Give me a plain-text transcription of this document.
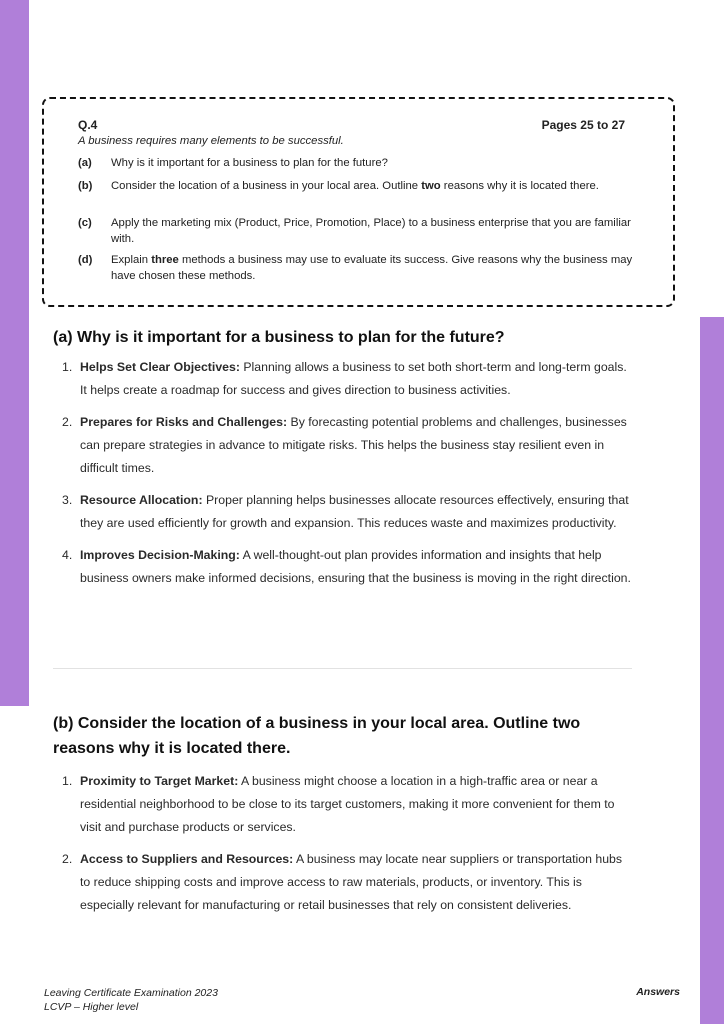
Q.4	Pages 25 to 27
A business requires many elements to be successful.
(a) Why is it important for a business to plan for the future?
(b) Consider the location of a business in your local area. Outline two reasons why it is located there.
(c) Apply the marketing mix (Product, Price, Promotion, Place) to a business enterprise that you are familiar with.
(d) Explain three methods a business may use to evaluate its success. Give reasons why the business may have chosen these methods.
(a) Why is it important for a business to plan for the future?
1. Helps Set Clear Objectives: Planning allows a business to set both short-term and long-term goals. It helps create a roadmap for success and gives direction to business activities.
2. Prepares for Risks and Challenges: By forecasting potential problems and challenges, businesses can prepare strategies in advance to mitigate risks. This helps the business stay resilient even in difficult times.
3. Resource Allocation: Proper planning helps businesses allocate resources effectively, ensuring that they are used efficiently for growth and expansion. This reduces waste and maximizes productivity.
4. Improves Decision-Making: A well-thought-out plan provides information and insights that help business owners make informed decisions, ensuring that the business is moving in the right direction.
(b) Consider the location of a business in your local area. Outline two reasons why it is located there.
1. Proximity to Target Market: A business might choose a location in a high-traffic area or near a residential neighborhood to be close to its target customers, making it more convenient for them to visit and purchase products or services.
2. Access to Suppliers and Resources: A business may locate near suppliers or transportation hubs to reduce shipping costs and improve access to raw materials, products, or inventory. This is especially relevant for manufacturing or retail businesses that rely on consistent deliveries.
Leaving Certificate Examination 2023
LCVP – Higher level
Answers
